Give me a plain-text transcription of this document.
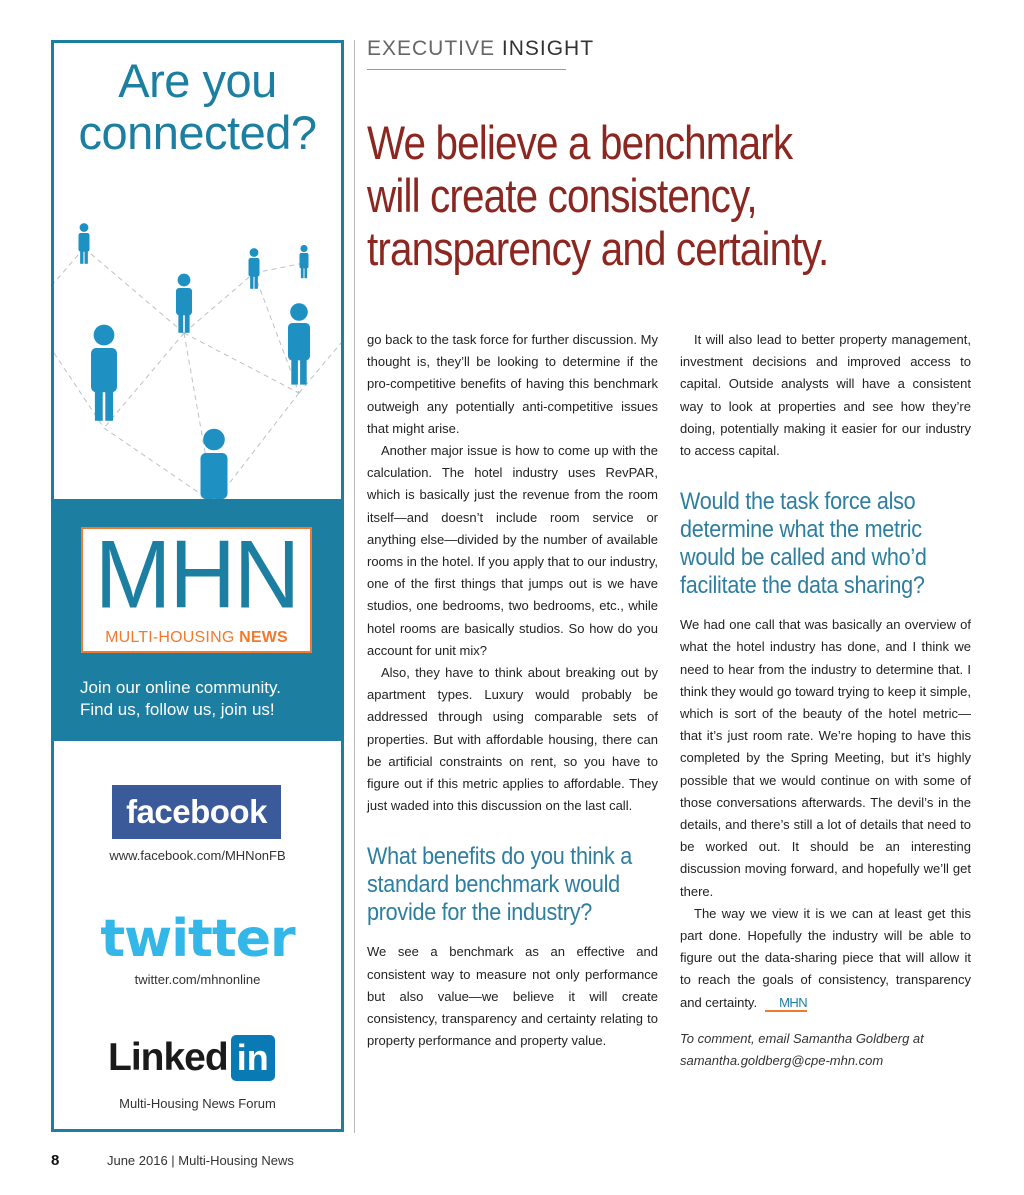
Are you
connected?
MHN
MULTI-HOUSING NEWS
Join our online community.
Find us, follow us, join us!
facebook
www.facebook.com/MHNonFB
twitter
twitter.com/mhnonline
Linked in
Multi-Housing News Forum
EXECUTIVE INSIGHT
We believe a benchmark
will create consistency,
transparency and certainty.

go back to the task force for further discussion. My thought is, they’ll be looking to determine if the pro-competitive benefits of having this benchmark outweigh any potentially anti-competitive issues that might arise.

Another major issue is how to come up with the calculation. The hotel industry uses RevPAR, which is basically just the revenue from the room itself—and doesn’t include room service or anything else—divided by the number of available rooms in the hotel. If you apply that to our industry, one of the first things that jumps out is we have studios, one bedrooms, two bedrooms, etc., while hotel rooms are basically studios. So how do you account for unit mix?

Also, they have to think about breaking out by apartment types. Luxury would probably be addressed through using comparable sets of properties. But with affordable housing, there can be artificial constraints on rent, so you have to figure out if this metric applies to affordable. They just waded into this discussion on the last call.

What benefits do you think a standard benchmark would provide for the industry?

We see a benchmark as an effective and consistent way to measure not only performance but also value—we believe it will create consistency, transparency and certainty relating to property performance and property value.

It will also lead to better property management, investment decisions and improved access to capital. Outside analysts will have a consistent way to look at properties and see how they’re doing, potentially making it easier for our industry to access capital.

Would the task force also determine what the metric would be called and who’d facilitate the data sharing?

We had one call that was basically an overview of what the hotel industry has done, and I think we need to hear from the industry to determine that. I think they would go toward trying to keep it simple, which is sort of the beauty of the hotel metric—that it’s just room rate. We’re hoping to have this completed by the Spring Meeting, but it’s highly possible that we would continue on with some of those conversations afterwards. The devil’s in the details, and there’s still a lot of details that need to be worked out. It should be an interesting discussion moving forward, and hopefully we’ll get there.

The way we view it is we can at least get this part done. Hopefully the industry will be able to figure out the data-sharing piece that will allow it to reach the goals of consistency, transparency and certainty. MHN

To comment, email Samantha Goldberg at
samantha.goldberg@cpe-mhn.com
8	June 2016 | Multi-Housing News
